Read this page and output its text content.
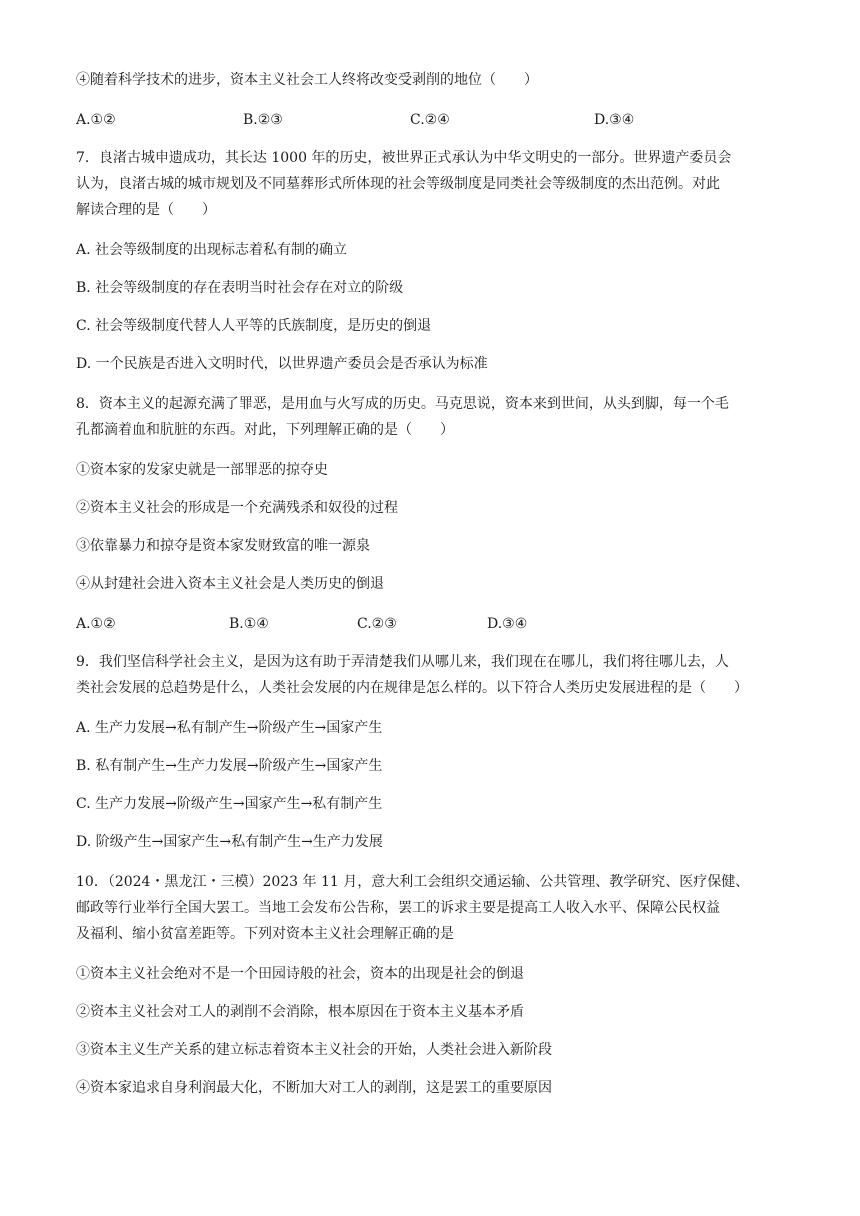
④随着科学技术的进步，资本主义社会工人终将改变受剥削的地位（　　）
A.①②	B.②③	C.②④	D.③④
7．良渚古城申遗成功，其长达 1000 年的历史，被世界正式承认为中华文明史的一部分。世界遗产委员会
认为，良渚古城的城市规划及不同墓葬形式所体现的社会等级制度是同类社会等级制度的杰出范例。对此
解读合理的是（　　）
A. 社会等级制度的出现标志着私有制的确立
B. 社会等级制度的存在表明当时社会存在对立的阶级
C. 社会等级制度代替人人平等的氏族制度，是历史的倒退
D. 一个民族是否进入文明时代，以世界遗产委员会是否承认为标准
8．资本主义的起源充满了罪恶，是用血与火写成的历史。马克思说，资本来到世间，从头到脚，每一个毛
孔都滴着血和肮脏的东西。对此，下列理解正确的是（　　）
①资本家的发家史就是一部罪恶的掠夺史
②资本主义社会的形成是一个充满残杀和奴役的过程
③依靠暴力和掠夺是资本家发财致富的唯一源泉
④从封建社会进入资本主义社会是人类历史的倒退
A.①②	B.①④	C.②③	D.③④
9．我们坚信科学社会主义，是因为这有助于弄清楚我们从哪儿来，我们现在在哪儿，我们将往哪儿去，人
类社会发展的总趋势是什么，人类社会发展的内在规律是怎么样的。以下符合人类历史发展进程的是（　　）
A. 生产力发展→私有制产生→阶级产生→国家产生
B. 私有制产生→生产力发展→阶级产生→国家产生
C. 生产力发展→阶级产生→国家产生→私有制产生
D. 阶级产生→国家产生→私有制产生→生产力发展
10．（2024・黑龙江・三模）2023 年 11 月，意大利工会组织交通运输、公共管理、教学研究、医疗保健、
邮政等行业举行全国大罢工。当地工会发布公告称，罢工的诉求主要是提高工人收入水平、保障公民权益
及福利、缩小贫富差距等。下列对资本主义社会理解正确的是
①资本主义社会绝对不是一个田园诗般的社会，资本的出现是社会的倒退
②资本主义社会对工人的剥削不会消除，根本原因在于资本主义基本矛盾
③资本主义生产关系的建立标志着资本主义社会的开始，人类社会进入新阶段
④资本家追求自身利润最大化，不断加大对工人的剥削，这是罢工的重要原因
